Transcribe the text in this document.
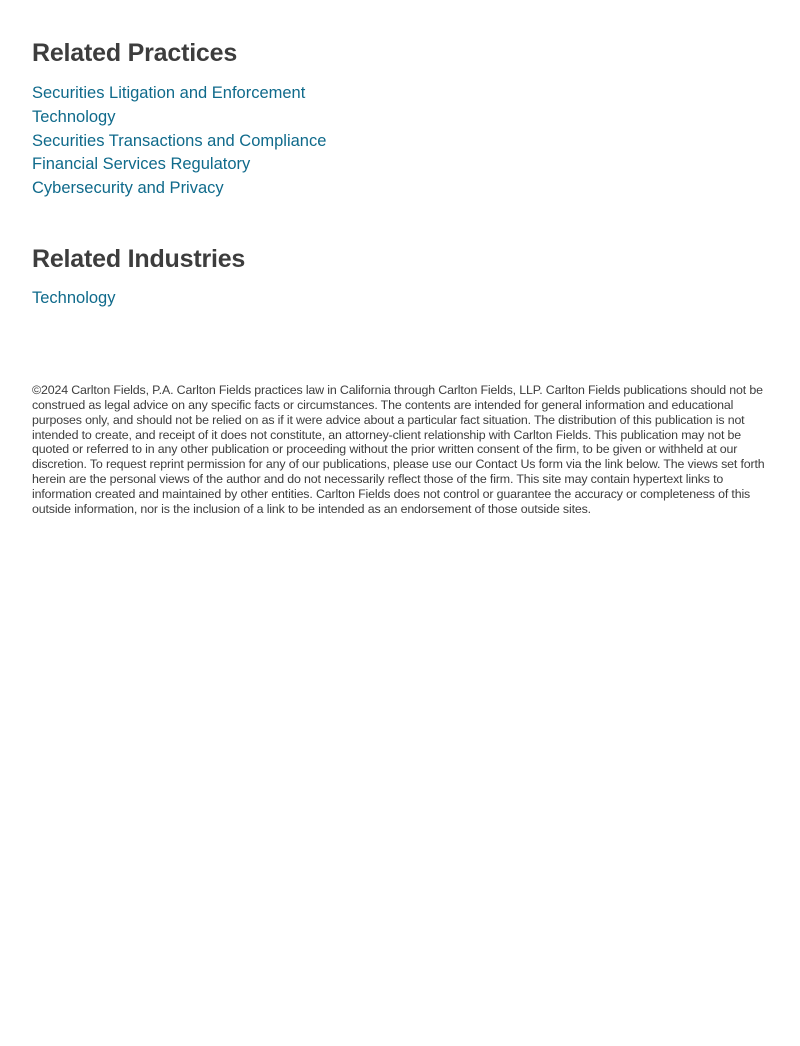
Related Practices
Securities Litigation and Enforcement
Technology
Securities Transactions and Compliance
Financial Services Regulatory
Cybersecurity and Privacy
Related Industries
Technology

©2024 Carlton Fields, P.A. Carlton Fields practices law in California through Carlton Fields, LLP. Carlton Fields publications should not be construed as legal advice on any specific facts or circumstances. The contents are intended for general information and educational purposes only, and should not be relied on as if it were advice about a particular fact situation. The distribution of this publication is not intended to create, and receipt of it does not constitute, an attorney-client relationship with Carlton Fields. This publication may not be quoted or referred to in any other publication or proceeding without the prior written consent of the firm, to be given or withheld at our discretion. To request reprint permission for any of our publications, please use our Contact Us form via the link below. The views set forth herein are the personal views of the author and do not necessarily reflect those of the firm. This site may contain hypertext links to information created and maintained by other entities. Carlton Fields does not control or guarantee the accuracy or completeness of this outside information, nor is the inclusion of a link to be intended as an endorsement of those outside sites.
